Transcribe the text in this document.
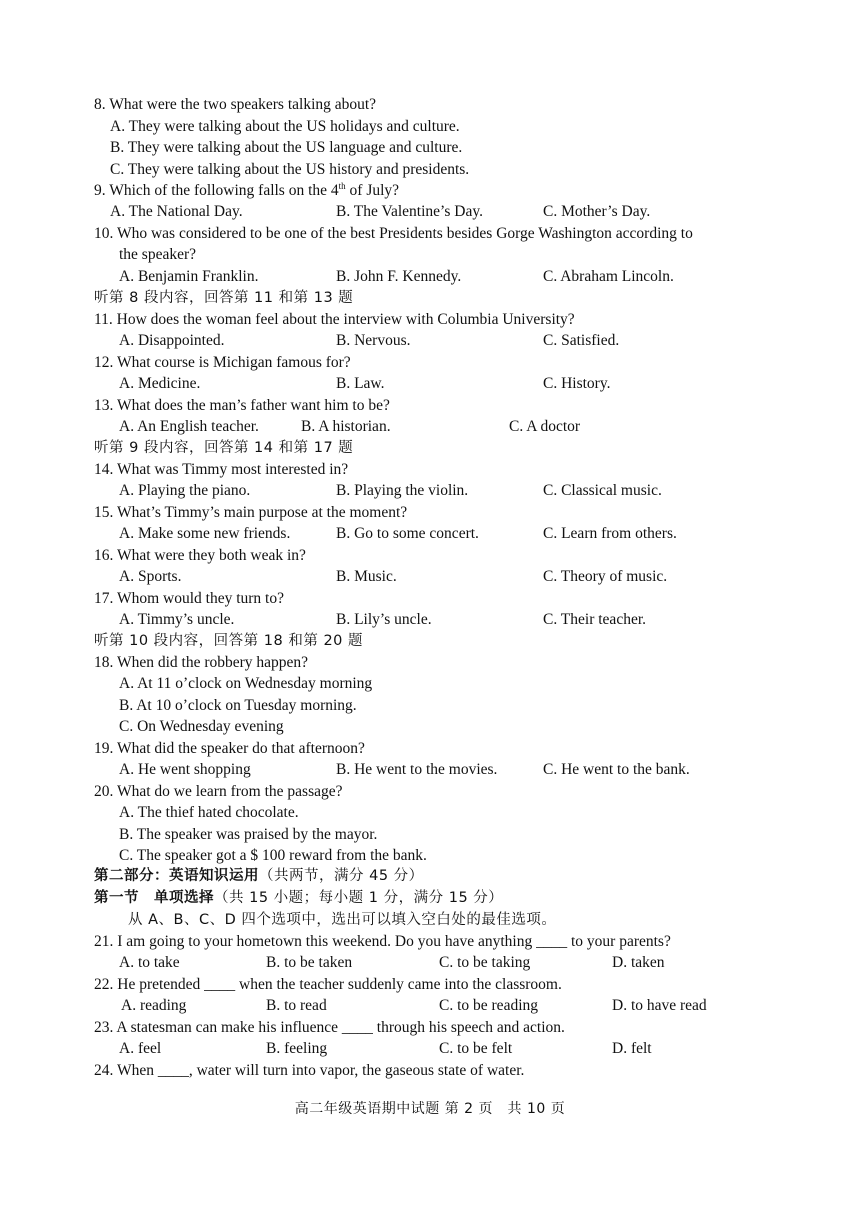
8. What were the two speakers talking about?
A. They were talking about the US holidays and culture.
B. They were talking about the US language and culture.
C. They were talking about the US history and presidents.
9. Which of the following falls on the 4th of July?
A. The National Day.	B. The Valentine’s Day.	C. Mother’s Day.
10. Who was considered to be one of the best Presidents besides Gorge Washington according to
the speaker?
A. Benjamin Franklin.	B. John F. Kennedy.	C. Abraham Lincoln.
听第 8 段内容，回答第 11 和第 13 题
11. How does the woman feel about the interview with Columbia University?
A. Disappointed.	B. Nervous.	C. Satisfied.
12. What course is Michigan famous for?
A. Medicine.	B. Law.	C. History.
13. What does the man’s father want him to be?
A. An English teacher.	B. A historian.	C. A doctor
听第 9 段内容，回答第 14 和第 17 题
14. What was Timmy most interested in?
A. Playing the piano.	B. Playing the violin.	C. Classical music.
15. What’s Timmy’s main purpose at the moment?
A. Make some new friends.	B. Go to some concert.	C. Learn from others.
16. What were they both weak in?
A. Sports.	B. Music.	C. Theory of music.
17. Whom would they turn to?
A. Timmy’s uncle.	B. Lily’s uncle.	C. Their teacher.
听第 10 段内容，回答第 18 和第 20 题
18. When did the robbery happen?
A. At 11 o’clock on Wednesday morning
B. At 10 o’clock on Tuesday morning.
C. On Wednesday evening
19. What did the speaker do that afternoon?
A. He went shopping	B. He went to the movies.	C. He went to the bank.
20. What do we learn from the passage?
A. The thief hated chocolate.
B. The speaker was praised by the mayor.
C. The speaker got a $ 100 reward from the bank.
第二部分：英语知识运用（共两节，满分 45 分）
第一节　单项选择（共 15 小题；每小题 1 分，满分 15 分）
从 A、B、C、D 四个选项中，选出可以填入空白处的最佳选项。
21. I am going to your hometown this weekend. Do you have anything ____ to your parents?
A. to take	B. to be taken	C. to be taking	D. taken
22. He pretended ____ when the teacher suddenly came into the classroom.
A. reading	B. to read	C. to be reading	D. to have read
23. A statesman can make his influence ____ through his speech and action.
A. feel	B. feeling	C. to be felt	D. felt
24. When ____, water will turn into vapor, the gaseous state of water.
高二年级英语期中试题 第 2 页　共 10 页
